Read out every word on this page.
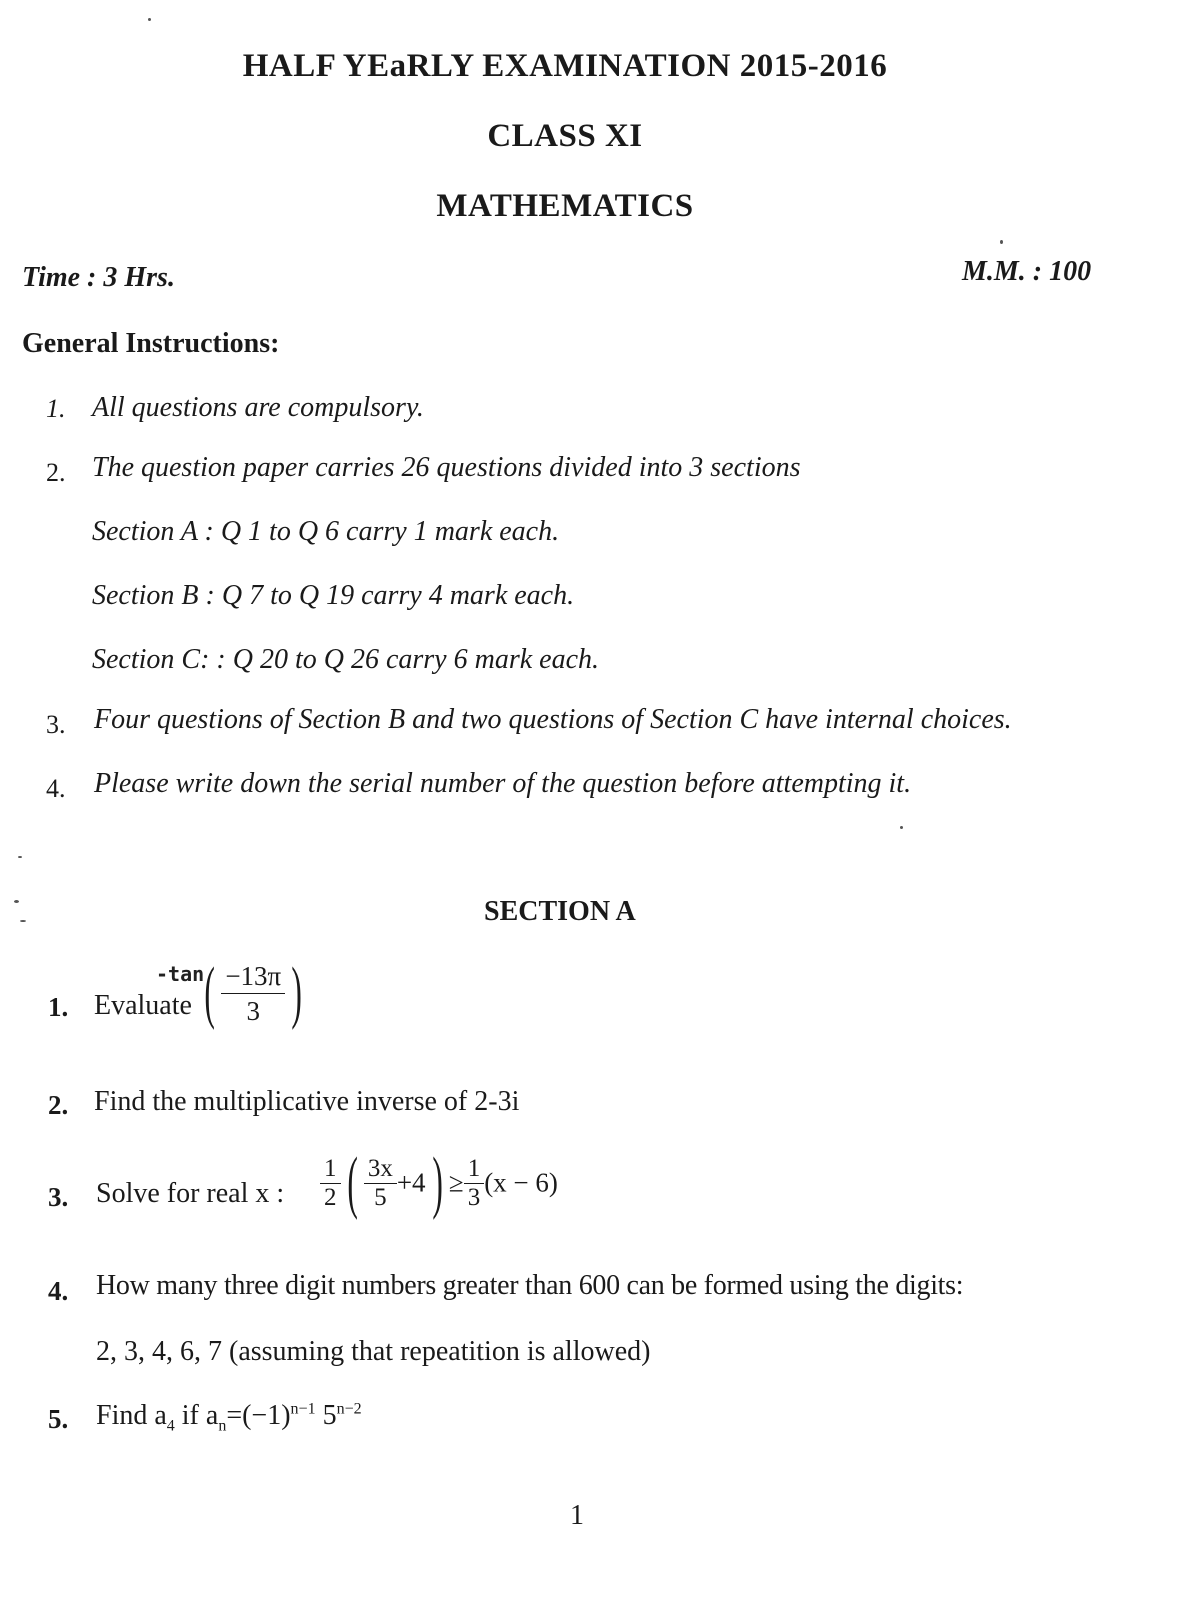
HALF YEaRLY EXAMINATION 2015-2016
CLASS XI
MATHEMATICS
Time : 3 Hrs.	M.M. : 100
General Instructions:
1. All questions are compulsory.
2. The question paper carries 26 questions divided into 3 sections
Section A : Q 1 to Q 6 carry 1 mark each.
Section B : Q 7 to Q 19 carry 4 mark each.
Section C: : Q 20 to Q 26 carry 6 mark each.
3. Four questions of Section B and two questions of Section C have internal choices.
4. Please write down the serial number of the question before attempting it.
SECTION A
1. Evaluate
-tan ( $\frac{-13\pi}{3}$ )
2. Find the multiplicative inverse of 2-3i
3. Solve for real x : $\frac{1}{2}$ ( $\frac{3x}{5} +4) \ge \frac{1}{3} (x - 6)$
4. How many three digit numbers greater than 600 can be formed using the digits:
2, 3, 4, 6, 7 (assuming that repeatition is allowed)
5. Find $a_4$ if $a_n=(-1)^{n-1}$ $5^{n-2}$
1
